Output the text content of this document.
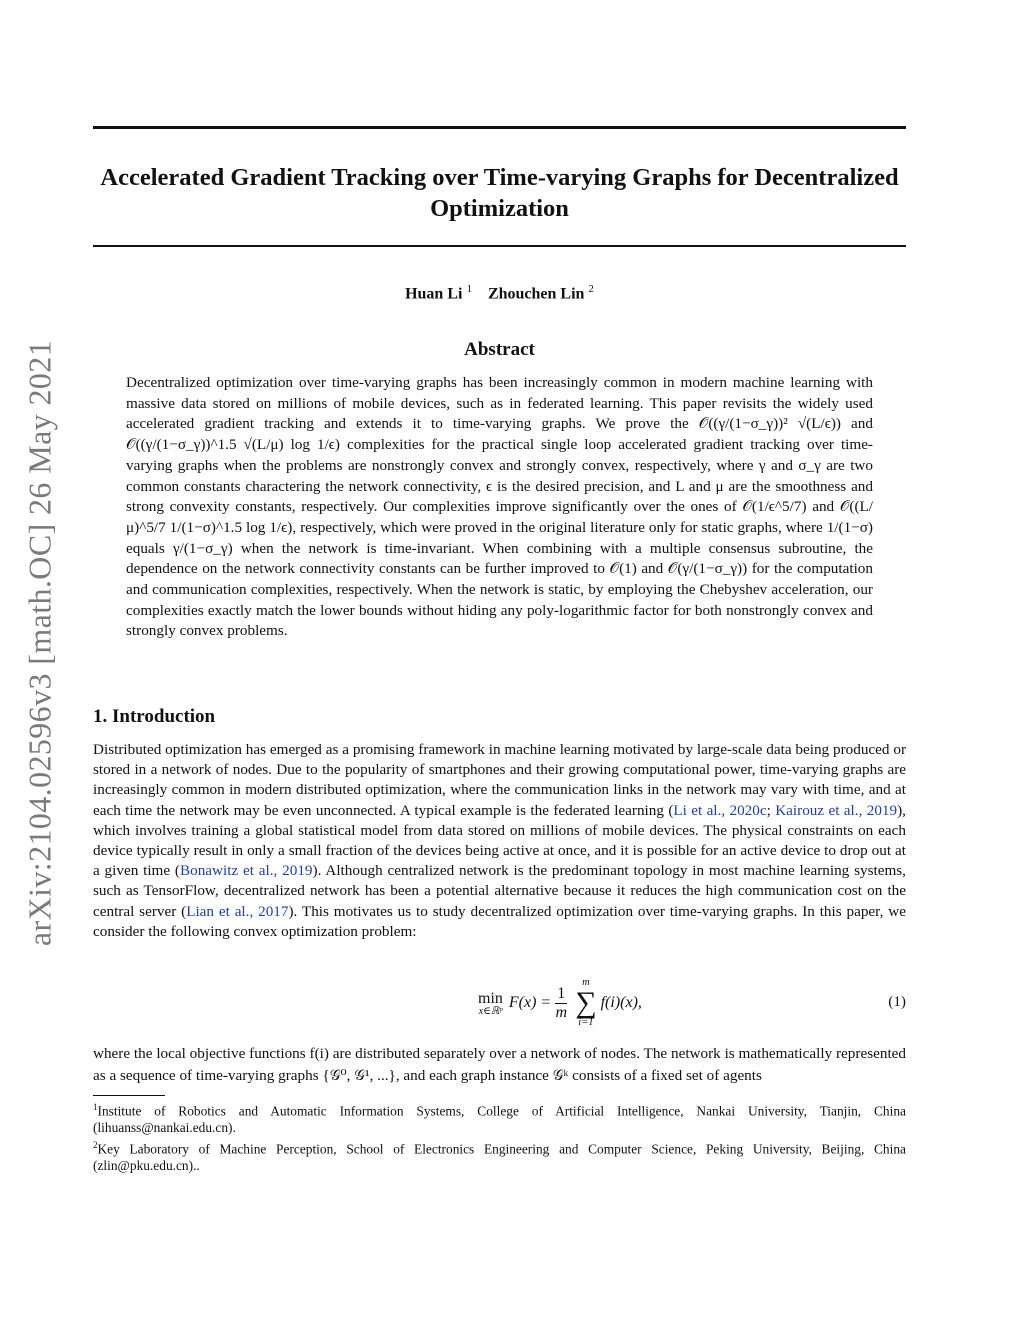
arXiv:2104.02596v3 [math.OC] 26 May 2021
Accelerated Gradient Tracking over Time-varying Graphs for Decentralized Optimization
Huan Li $^1$ Zhouchen Lin $^2$
Abstract

Decentralized optimization over time-varying graphs has been increasingly common in modern machine learning with massive data stored on millions of mobile devices, such as in federated learning. This paper revisits the widely used accelerated gradient tracking and extends it to time-varying graphs. We prove the 𝒪((γ/(1−σ_γ))² √(L/ϵ)) and 𝒪((γ/(1−σ_γ))^1.5 √(L/μ) log 1/ϵ) complexities for the practical single loop accelerated gradient tracking over time-varying graphs when the problems are nonstrongly convex and strongly convex, respectively, where γ and σ_γ are two common constants charactering the network connectivity, ϵ is the desired precision, and L and μ are the smoothness and strong convexity constants, respectively. Our complexities improve significantly over the ones of 𝒪(1/ϵ^5/7) and 𝒪((L/μ)^5/7 1/(1−σ)^1.5 log 1/ϵ), respectively, which were proved in the original literature only for static graphs, where 1/(1−σ) equals γ/(1−σ_γ) when the network is time-invariant. When combining with a multiple consensus subroutine, the dependence on the network connectivity constants can be further improved to 𝒪(1) and 𝒪(γ/(1−σ_γ)) for the computation and communication complexities, respectively. When the network is static, by employing the Chebyshev acceleration, our complexities exactly match the lower bounds without hiding any poly-logarithmic factor for both nonstrongly convex and strongly convex problems.

1. Introduction

Distributed optimization has emerged as a promising framework in machine learning motivated by large-scale data being produced or stored in a network of nodes. Due to the popularity of smartphones and their growing computational power, time-varying graphs are increasingly common in modern distributed optimization, where the communication links in the network may vary with time, and at each time the network may be even unconnected. A typical example is the federated learning (Li et al., 2020c; Kairouz et al., 2019), which involves training a global statistical model from data stored on millions of mobile devices. The physical constraints on each device typically result in only a small fraction of the devices being active at once, and it is possible for an active device to drop out at a given time (Bonawitz et al., 2019). Although centralized network is the predominant topology in most machine learning systems, such as TensorFlow, decentralized network has been a potential alternative because it reduces the high communication cost on the central server (Lian et al., 2017). This motivates us to study decentralized optimization over time-varying graphs. In this paper, we consider the following convex optimization problem:

min
x∈ℝᵖ $F(x) = \frac{1}{m}$
m
∑
i=1
f(i)(x),	(1)

where the local objective functions f(i) are distributed separately over a network of nodes. The network is mathematically represented as a sequence of time-varying graphs {𝒢⁰, 𝒢¹, ...}, and each graph instance 𝒢ᵏ consists of a fixed set of agents

$^1$Institute of Robotics and Automatic Information Systems, College of Artificial Intelligence, Nankai University, Tianjin, China (lihuanss@nankai.edu.cn).

$^2$Key Laboratory of Machine Perception, School of Electronics Engineering and Computer Science, Peking University, Beijing, China (zlin@pku.edu.cn)..
